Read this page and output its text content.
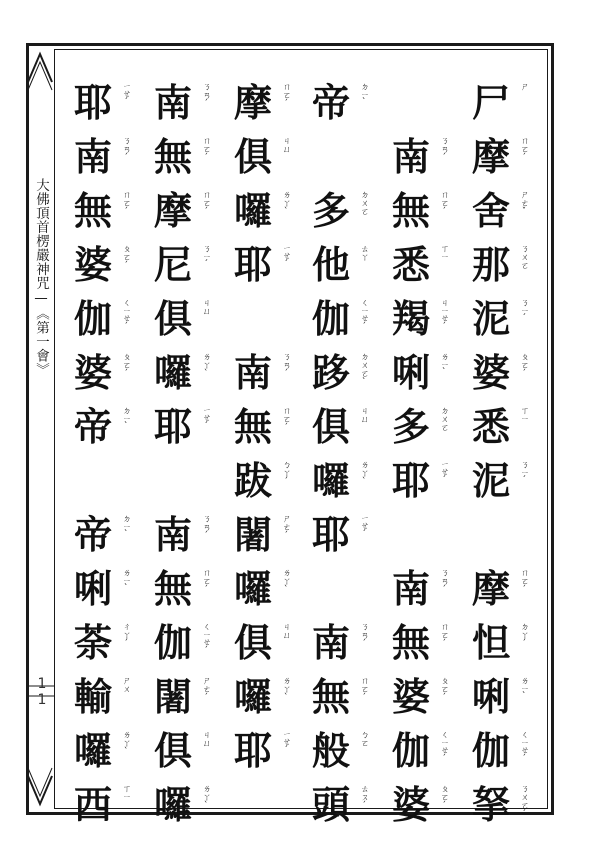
大佛頂首楞嚴神咒—《第一會》
11
尸	ㄕ
摩	ㄇㄛˊ
舍	ㄕㄜˇ
那	ㄋㄨㄛ
泥	ㄋㄧˊ
婆	ㄆㄛˊ
悉	ㄒㄧ
泥	ㄋㄧˊ
摩	ㄇㄛˊ
怛	ㄉㄚˊ
唎	ㄌㄧˋ
伽	ㄑㄧㄝˊ
拏	ㄋㄨㄛˊ
南	ㄋㄢˊ
無	ㄇㄛˊ
悉	ㄒㄧ
羯	ㄐㄧㄝˊ
唎	ㄌㄧˋ
多	ㄉㄨㄛ
耶	ㄧㄝˊ
南	ㄋㄢˊ
無	ㄇㄛˊ
婆	ㄆㄛˊ
伽	ㄑㄧㄝˊ
婆	ㄆㄛˊ
帝	ㄉㄧˋ
多	ㄉㄨㄛ
他	ㄊㄚ
伽	ㄑㄧㄝˊ
跢	ㄉㄨㄛˋ
俱	ㄐㄩ
囉	ㄌㄚˋ
耶	ㄧㄝˊ
南	ㄋㄢˊ
無	ㄇㄛˊ
般	ㄅㄛ
頭	ㄊㄡˊ
摩	ㄇㄛˊ
俱	ㄐㄩ
囉	ㄌㄚˋ
耶	ㄧㄝˊ
南	ㄋㄢˊ
無	ㄇㄛˊ
跋	ㄅㄚˊ
闍	ㄕㄜˊ
囉	ㄌㄚˋ
俱	ㄐㄩ
囉	ㄌㄚˋ
耶	ㄧㄝˊ
南	ㄋㄢˊ
無	ㄇㄛˊ
摩	ㄇㄛˊ
尼	ㄋㄧˊ
俱	ㄐㄩ
囉	ㄌㄚˋ
耶	ㄧㄝˊ
南	ㄋㄢˊ
無	ㄇㄛˊ
伽	ㄑㄧㄝˊ
闍	ㄕㄜˊ
俱	ㄐㄩ
囉	ㄌㄚˋ
耶	ㄧㄝˊ
南	ㄋㄢˊ
無	ㄇㄛˊ
婆	ㄆㄛˊ
伽	ㄑㄧㄝˊ
婆	ㄆㄛˊ
帝	ㄉㄧˋ
帝	ㄉㄧˋ
唎	ㄌㄧˋ
荼	ㄔㄚˊ
輸	ㄕㄨ
囉	ㄌㄚˋ
西	ㄒㄧ
